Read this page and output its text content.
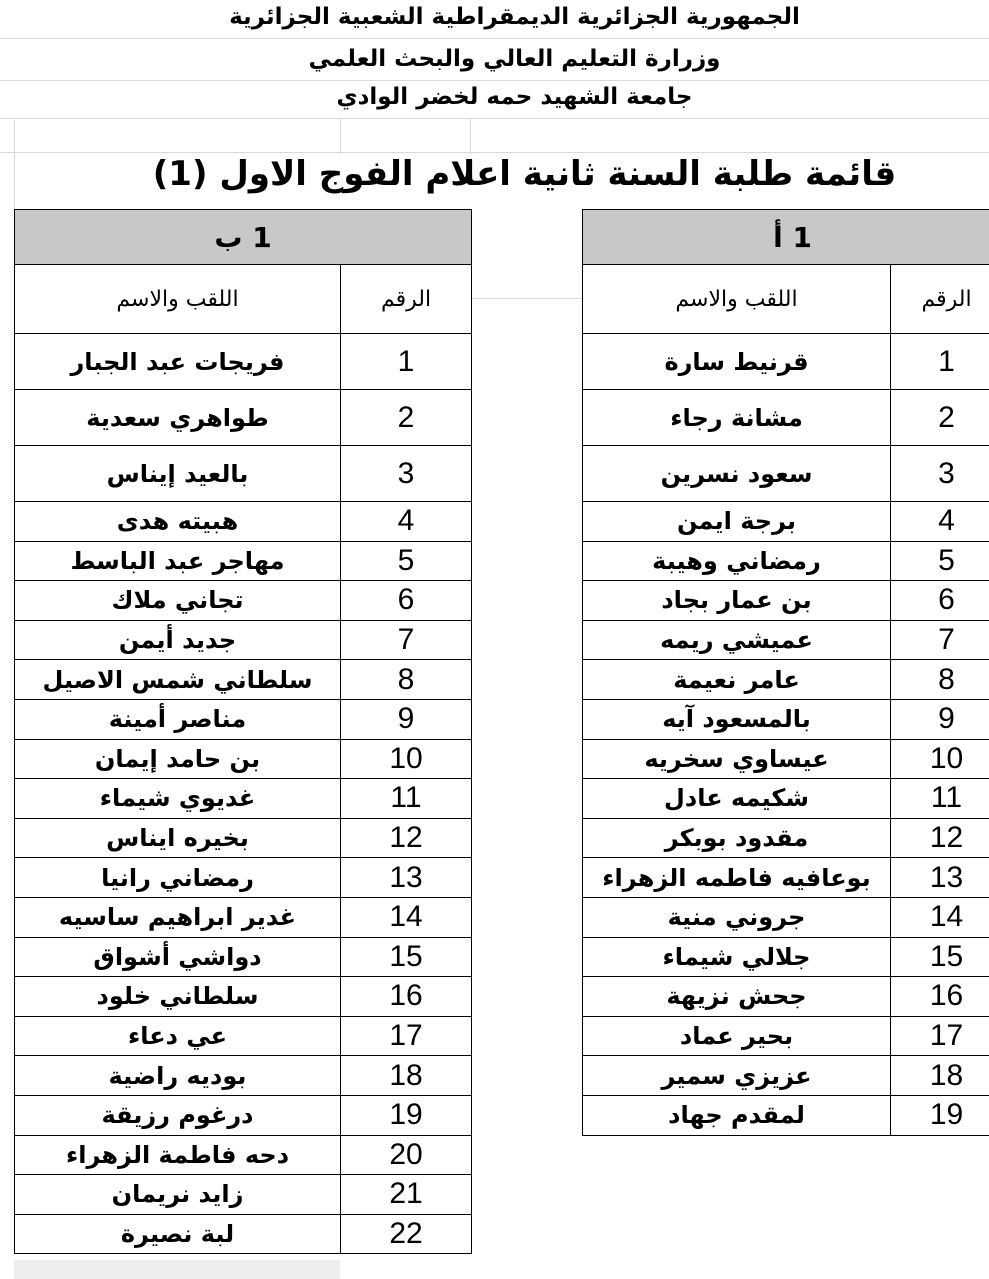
الجمهورية الجزائرية الديمقراطية الشعبية الجزائرية
وزرارة التعليم العالي والبحث العلمي
جامعة الشهيد حمه لخضر الوادي
قائمة طلبة السنة ثانية اعلام الفوج الاول (1)
1 ب	
الرقم	اللقب والاسم
1	فريجات عبد الجبار
2	طواهري سعدية
3	بالعيد إيناس
4	هبيته هدى
5	مهاجر عبد الباسط
6	تجاني ملاك
7	جديد أيمن
8	سلطاني شمس الاصيل
9	مناصر أمينة
10	بن حامد إيمان
11	غديوي شيماء
12	بخيره ايناس
13	رمضاني رانيا
14	غدير ابراهيم ساسيه
15	دواشي أشواق
16	سلطاني خلود
17	عي دعاء
18	بوديه راضية
19	درغوم رزيقة
20	دحه فاطمة الزهراء
21	زايد نريمان
22	لبة نصيرة
1 أ	
الرقم	اللقب والاسم
1	قرنيط سارة
2	مشانة رجاء
3	سعود نسرين
4	برجة ايمن
5	رمضاني وهيبة
6	بن عمار بجاد
7	عميشي ريمه
8	عامر نعيمة
9	بالمسعود آيه
10	عيساوي سخريه
11	شكيمه عادل
12	مقدود بوبكر
13	بوعافيه فاطمه الزهراء
14	جروني منية
15	جلالي شيماء
16	جحش نزيهة
17	بحير عماد
18	عزيزي سمير
19	لمقدم جهاد
